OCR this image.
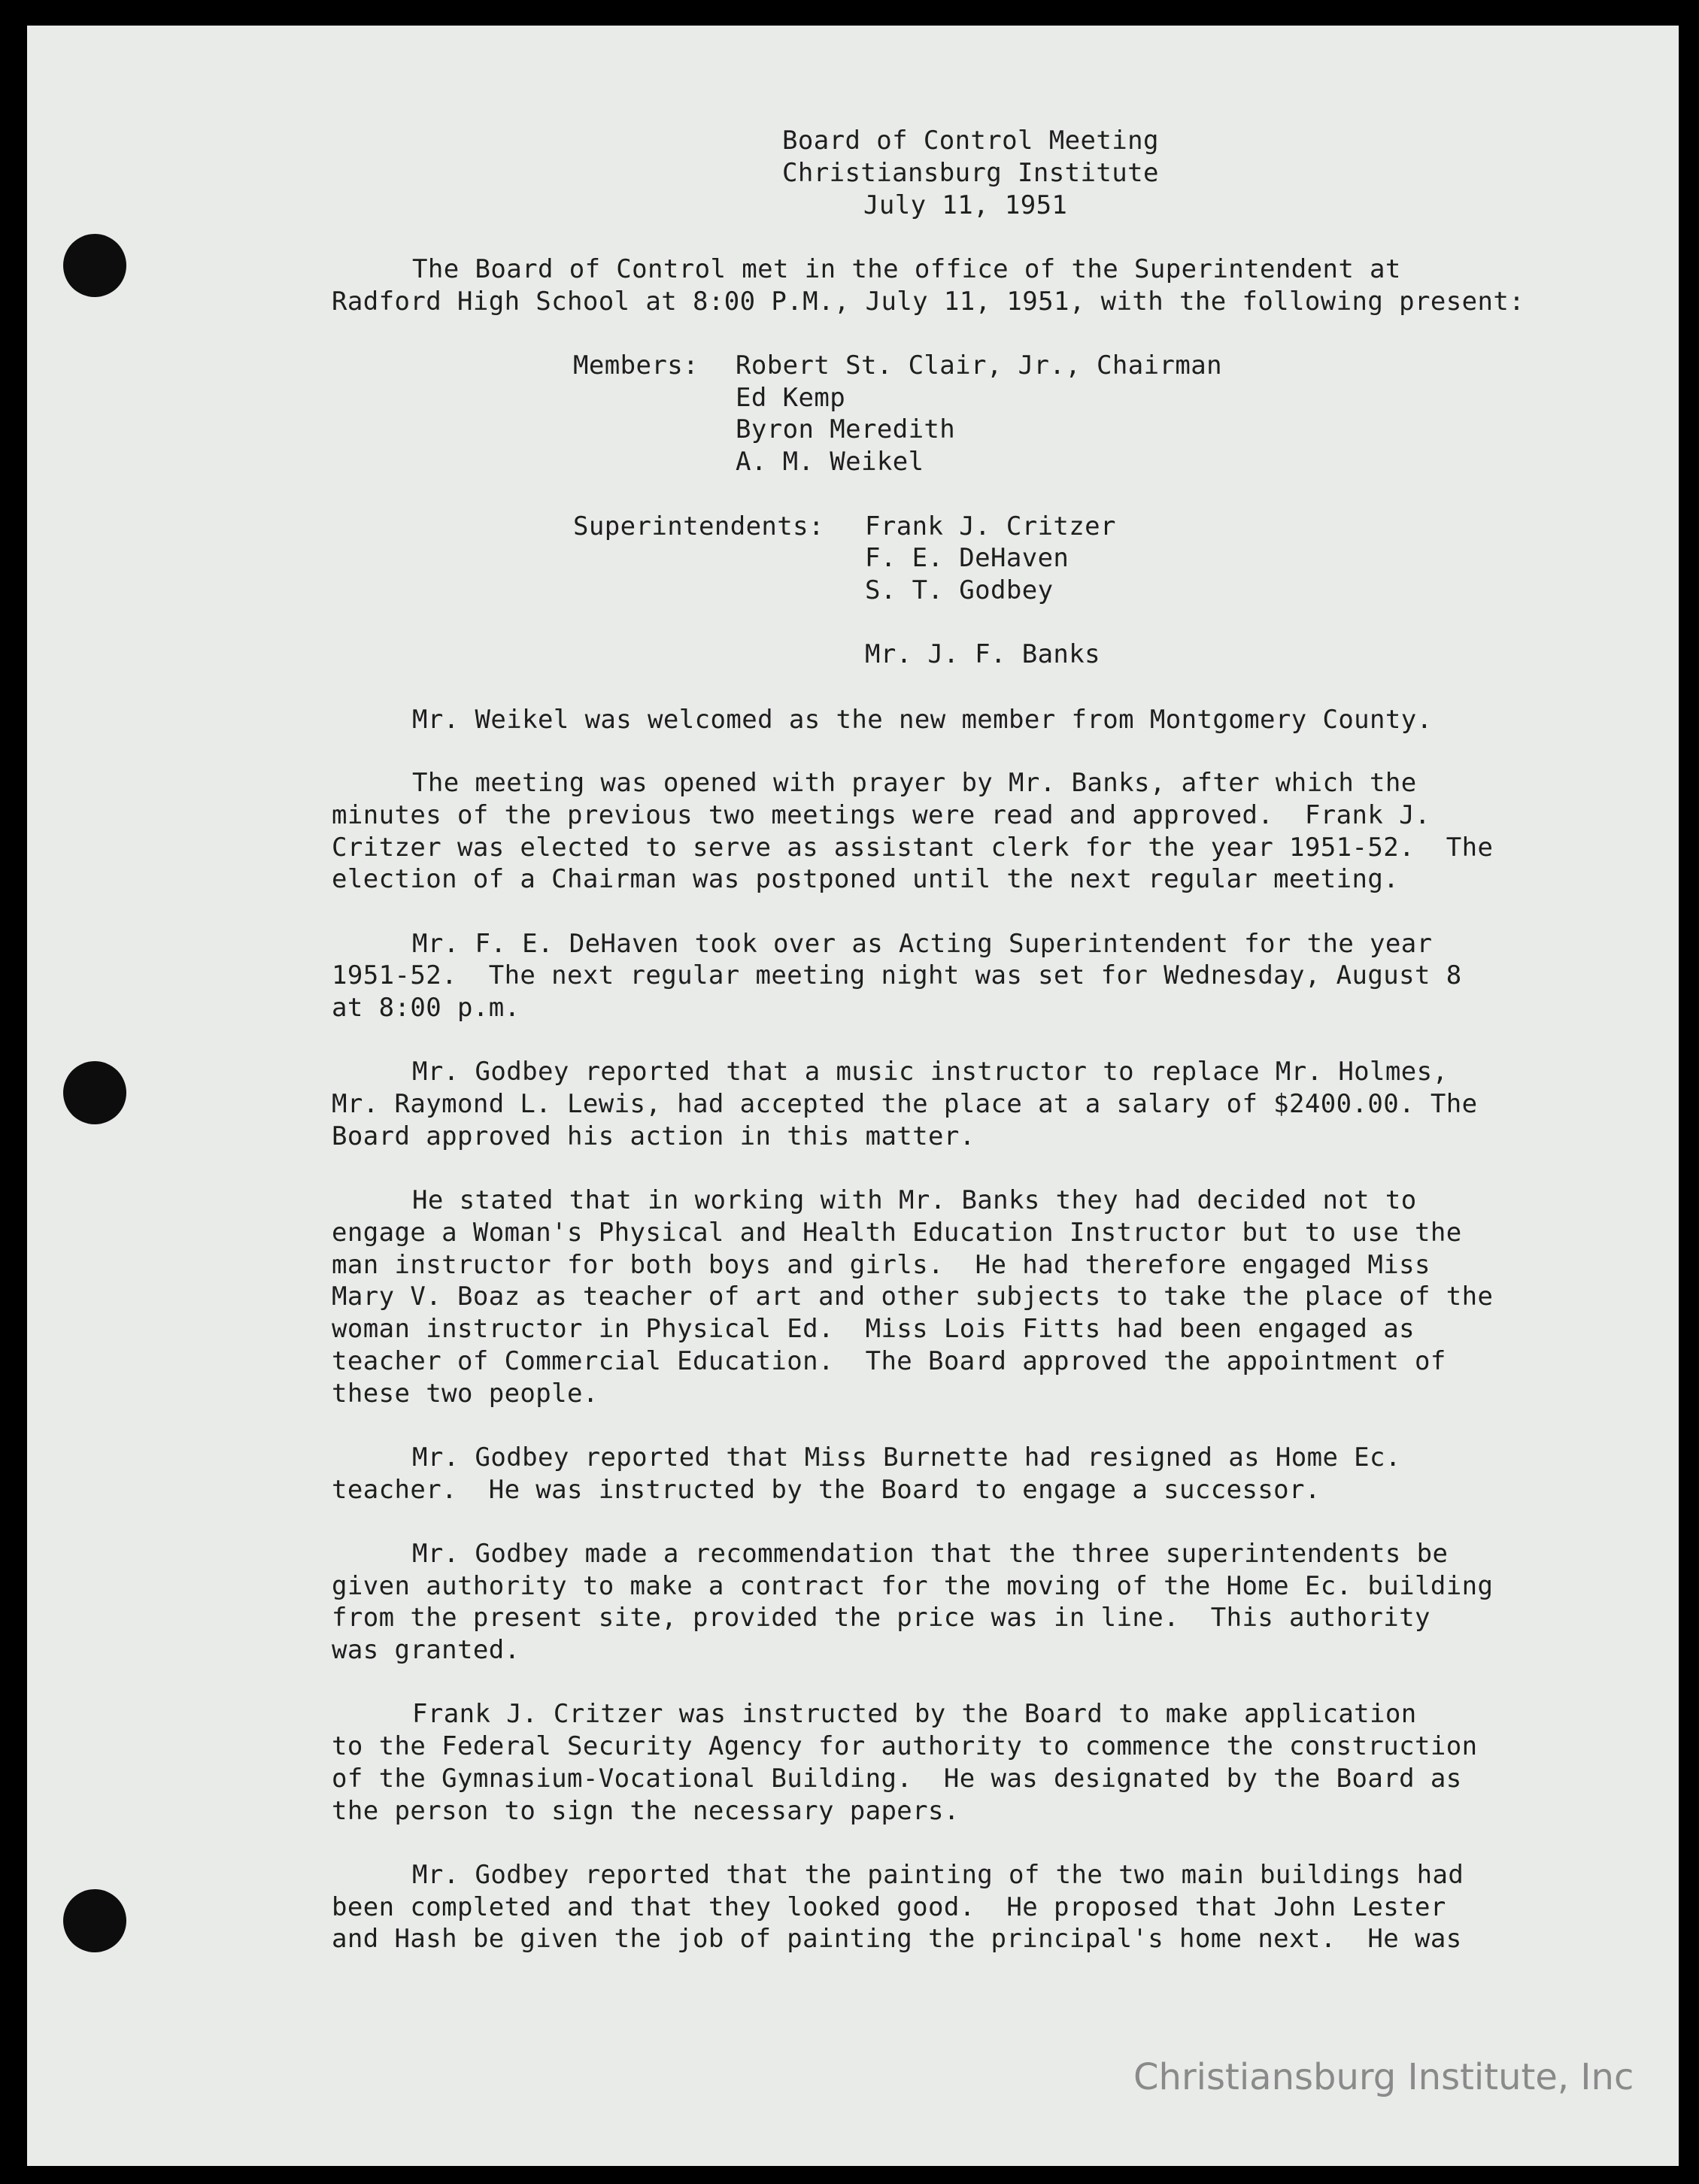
Board of Control Meeting
Christiansburg Institute
July 11, 1951
The Board of Control met in the office of the Superintendent at
Radford High School at 8:00 P.M., July 11, 1951, with the following present:
Members: Robert St. Clair, Jr., Chairman
Ed Kemp
Byron Meredith
A. M. Weikel
Superintendents: Frank J. Critzer
F. E. DeHaven
S. T. Godbey
Mr. J. F. Banks
Mr. Weikel was welcomed as the new member from Montgomery County.
The meeting was opened with prayer by Mr. Banks, after which the
minutes of the previous two meetings were read and approved.  Frank J.
Critzer was elected to serve as assistant clerk for the year 1951-52.  The
election of a Chairman was postponed until the next regular meeting.
Mr. F. E. DeHaven took over as Acting Superintendent for the year
1951-52.  The next regular meeting night was set for Wednesday, August 8
at 8:00 p.m.
Mr. Godbey reported that a music instructor to replace Mr. Holmes,
Mr. Raymond L. Lewis, had accepted the place at a salary of $2400.00. The
Board approved his action in this matter.
He stated that in working with Mr. Banks they had decided not to
engage a Woman's Physical and Health Education Instructor but to use the
man instructor for both boys and girls.  He had therefore engaged Miss
Mary V. Boaz as teacher of art and other subjects to take the place of the
woman instructor in Physical Ed.  Miss Lois Fitts had been engaged as
teacher of Commercial Education.  The Board approved the appointment of
these two people.
Mr. Godbey reported that Miss Burnette had resigned as Home Ec.
teacher.  He was instructed by the Board to engage a successor.
Mr. Godbey made a recommendation that the three superintendents be
given authority to make a contract for the moving of the Home Ec. building
from the present site, provided the price was in line.  This authority
was granted.
Frank J. Critzer was instructed by the Board to make application
to the Federal Security Agency for authority to commence the construction
of the Gymnasium-Vocational Building.  He was designated by the Board as
the person to sign the necessary papers.
Mr. Godbey reported that the painting of the two main buildings had
been completed and that they looked good.  He proposed that John Lester
and Hash be given the job of painting the principal's home next.  He was
Christiansburg Institute, Inc
